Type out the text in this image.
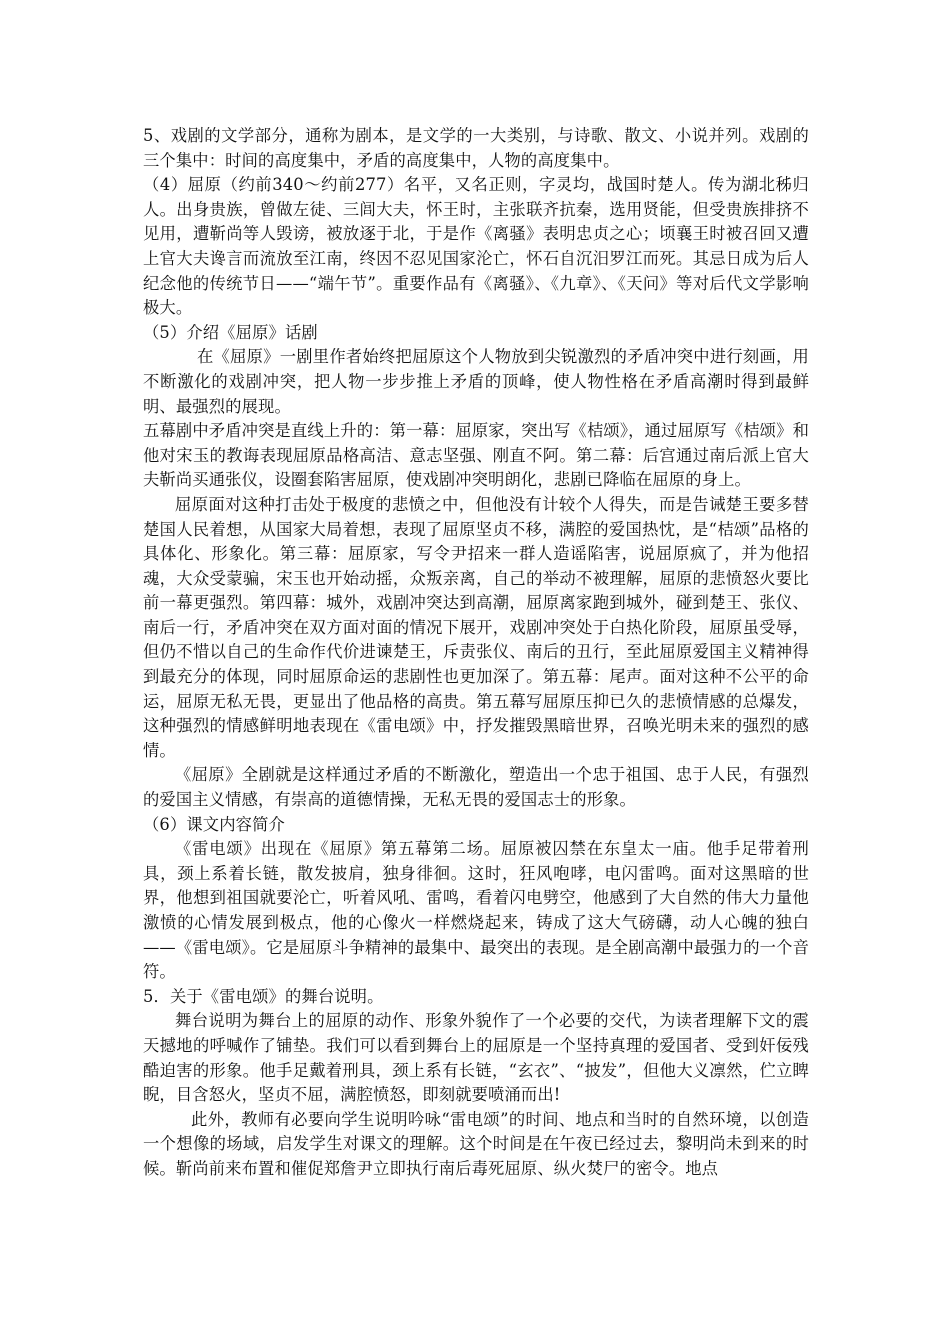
5、戏剧的文学部分，通称为剧本，是文学的一大类别，与诗歌、散文、小说并列。戏剧的三个集中：时间的高度集中，矛盾的高度集中，人物的高度集中。

（4）屈原（约前340～约前277）名平，又名正则，字灵均，战国时楚人。传为湖北秭归人。出身贵族，曾做左徒、三闾大夫，怀王时，主张联齐抗秦，选用贤能，但受贵族排挤不见用，遭靳尚等人毁谤，被放逐于北，于是作《离骚》表明忠贞之心；顷襄王时被召回又遭上官大夫谗言而流放至江南，终因不忍见国家沦亡，怀石自沉汨罗江而死。其忌日成为后人纪念他的传统节日——“端午节”。重要作品有《离骚》、《九章》、《天问》等对后代文学影响极大。

（5）介绍《屈原》话剧

在《屈原》一剧里作者始终把屈原这个人物放到尖锐激烈的矛盾冲突中进行刻画，用不断激化的戏剧冲突，把人物一步步推上矛盾的顶峰，使人物性格在矛盾高潮时得到最鲜明、最强烈的展现。

五幕剧中矛盾冲突是直线上升的：第一幕：屈原家，突出写《桔颂》，通过屈原写《桔颂》和他对宋玉的教诲表现屈原品格高洁、意志坚强、刚直不阿。第二幕：后宫通过南后派上官大夫靳尚买通张仪，设圈套陷害屈原，使戏剧冲突明朗化，悲剧已降临在屈原的身上。

屈原面对这种打击处于极度的悲愤之中，但他没有计较个人得失，而是告诫楚王要多替楚国人民着想，从国家大局着想，表现了屈原坚贞不移，满腔的爱国热忱，是“桔颂”品格的具体化、形象化。第三幕：屈原家，写令尹招来一群人造谣陷害，说屈原疯了，并为他招魂，大众受蒙骗，宋玉也开始动摇，众叛亲离，自己的举动不被理解，屈原的悲愤怒火要比前一幕更强烈。第四幕：城外，戏剧冲突达到高潮，屈原离家跑到城外，碰到楚王、张仪、南后一行，矛盾冲突在双方面对面的情况下展开，戏剧冲突处于白热化阶段，屈原虽受辱，但仍不惜以自己的生命作代价进谏楚王，斥责张仪、南后的丑行，至此屈原爱国主义精神得到最充分的体现，同时屈原命运的悲剧性也更加深了。第五幕：尾声。面对这种不公平的命运，屈原无私无畏，更显出了他品格的高贵。第五幕写屈原压抑已久的悲愤情感的总爆发，这种强烈的情感鲜明地表现在《雷电颂》中，抒发摧毁黑暗世界，召唤光明未来的强烈的感情。

《屈原》全剧就是这样通过矛盾的不断激化，塑造出一个忠于祖国、忠于人民，有强烈的爱国主义情感，有崇高的道德情操，无私无畏的爱国志士的形象。

（6）课文内容简介

《雷电颂》出现在《屈原》第五幕第二场。屈原被囚禁在东皇太一庙。他手足带着刑具，颈上系着长链，散发披肩，独身徘徊。这时，狂风咆哮，电闪雷鸣。面对这黑暗的世界，他想到祖国就要沦亡，听着风吼、雷鸣，看着闪电劈空，他感到了大自然的伟大力量他激愤的心情发展到极点，他的心像火一样燃烧起来，铸成了这大气磅礴，动人心魄的独白——《雷电颂》。它是屈原斗争精神的最集中、最突出的表现。是全剧高潮中最强力的一个音符。

5．关于《雷电颂》的舞台说明。

舞台说明为舞台上的屈原的动作、形象外貌作了一个必要的交代，为读者理解下文的震天撼地的呼喊作了铺垫。我们可以看到舞台上的屈原是一个坚持真理的爱国者、受到奸佞残酷迫害的形象。他手足戴着刑具，颈上系有长链，“玄衣”、“披发”，但他大义凛然，伫立睥睨，目含怒火，坚贞不屈，满腔愤怒，即刻就要喷涌而出!

此外，教师有必要向学生说明吟咏“雷电颂”的时间、地点和当时的自然环境，以创造一个想像的场域，启发学生对课文的理解。这个时间是在午夜已经过去，黎明尚未到来的时候。靳尚前来布置和催促郑詹尹立即执行南后毒死屈原、纵火焚尸的密令。地点
